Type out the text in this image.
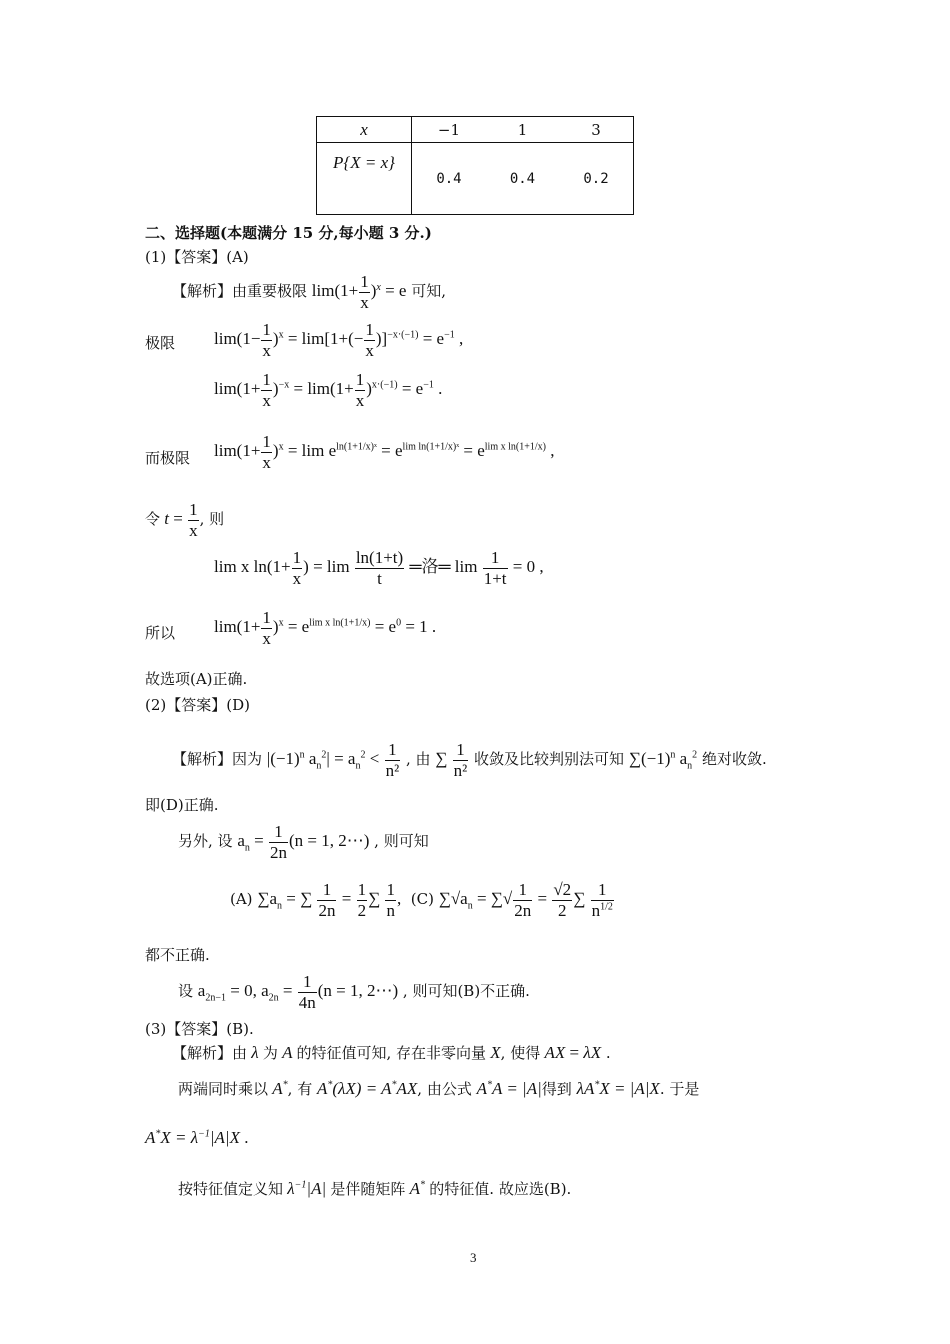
x	−1	1	3
P{X = x}	0.4	0.4	0.2
二、选择题(本题满分 15 分,每小题 3 分.)
(1)【答案】(A)
【解析】由重要极限 $\lim(1+ \frac{1}{x} )^x = e$ 可知,
极限 $\lim(1- \frac{1}{x} )^x = \lim[1+(- \frac{1}{x} )]^{-x\cdot(-1)} = e^{-1}$ ,
$\lim(1+ \frac{1}{x} )^{-x} = \lim(1+ \frac{1}{x} )^{x\cdot(-1)} = e^{-1}$ .
而极限 $\lim(1+ \frac{1}{x} )^x = \lim e^{ln(1+1/x)ˣ} = e^{lim ln(1+1/x)ˣ} = e^{lim x ln(1+1/x)}$ ,
令 $t = \frac{1}{x}$ , 则
lim x $\ln(1+ \frac{1}{x}$ ) = $\lim \frac{\ln(1+t)}{t}$ ═洛═ $\lim \frac{1}{1+t} = 0$ ,
所以 $\lim(1+ \frac{1}{x} )^x = e^{lim x ln(1+1/x)} = e^0 = 1$ .
故选项(A)正确.
(2)【答案】(D)
【解析】因为 $|(-1)^n$ $a_n^2| = a_n^2 < \frac{1}{\text{n²}}$ , 由 ∑ $\frac{1}{\text{n²}}$ 收敛及比较判别法可知 $\sum(-1)^n$ $a_n^2$ 绝对收敛.
即(D)正确.
另外, 设 $a_n = \frac{1}{2n} (n = 1$, 2⋯) , 则可知
(A) $\sum a_n$ = ∑ $\frac{1}{2n} = \frac{1}{2}$ ∑ $\frac{1}{n}$ , (C) $\sum√a_n$ = ∑√ $\frac{1}{2n} = \frac{√2}{2}$ ∑ $\frac{1}{n^{1/2}}$
都不正确.
设 $a_{2n-1} = 0$, $a_{2n} = \frac{1}{4n} (n = 1$, 2⋯) , 则可知(B)不正确.
(3)【答案】(B).
【解析】由 λ 为 A 的特征值可知, 存在非零向量 X, 使得 AX = λX .
两端同时乘以 A*, 有 A*(λX) = A*AX, 由公式 A*A = |A|得到 λA*X = |A|X. 于是
$A^*X = \lambda^{-1}|A|X$ .
按特征值定义知 $\lambda^{-1}|A|$ 是伴随矩阵 A* 的特征值. 故应选(B).
3
